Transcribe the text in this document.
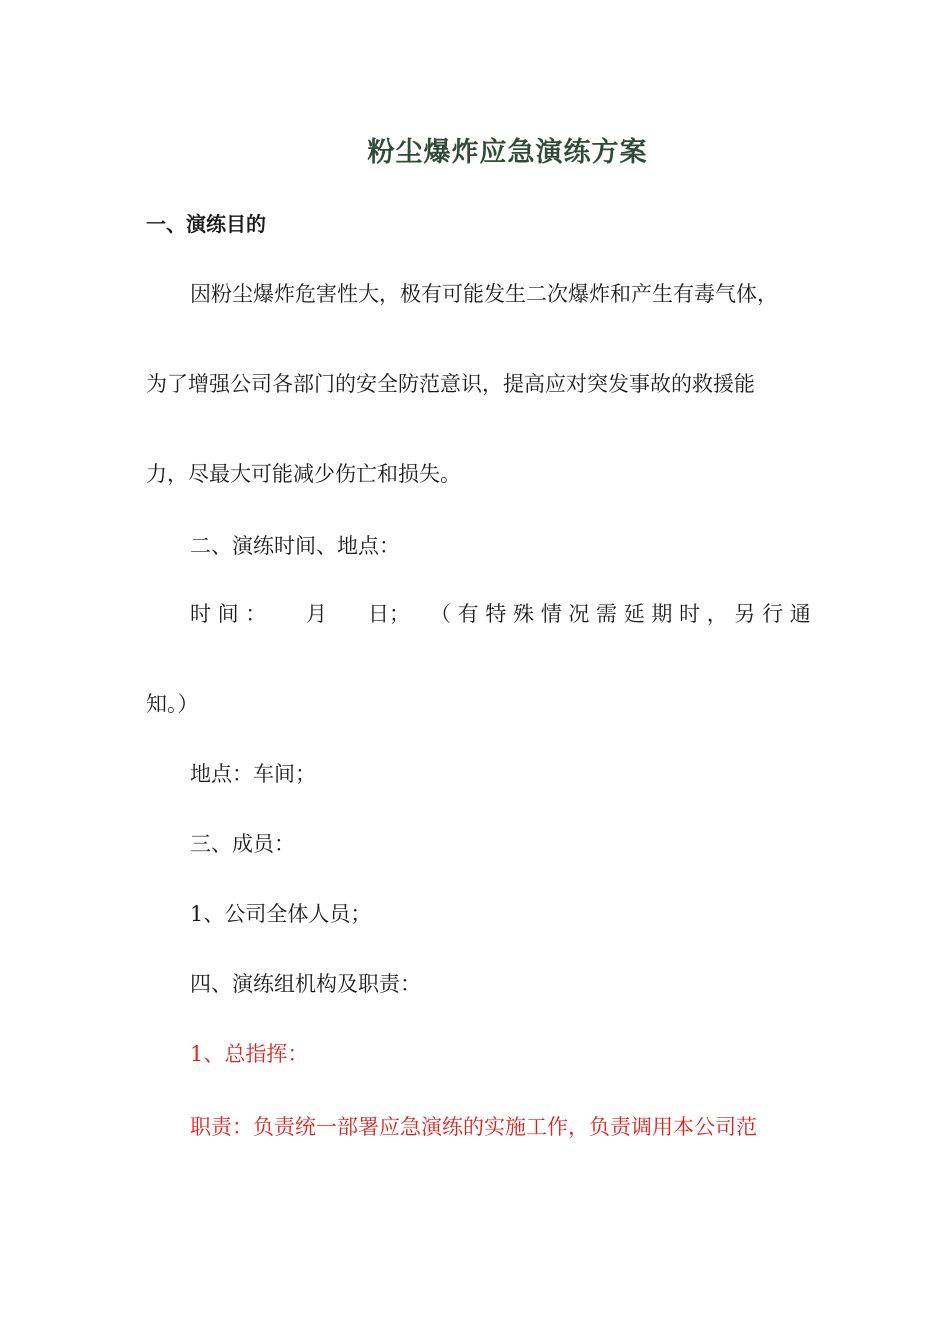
粉尘爆炸应急演练方案
一、演练目的
因粉尘爆炸危害性大，极有可能发生二次爆炸和产生有毒气体，
为了增强公司各部门的安全防范意识，提高应对突发事故的救援能
力，尽最大可能减少伤亡和损失。
二、演练时间、地点：
时 间 ： 月 日； （ 有 特 殊 情 况 需 延 期 时 ， 另 行 通
知。）
地点：车间；
三、成员：
1、公司全体人员；
四、演练组机构及职责：
1、总指挥：
职责：负责统一部署应急演练的实施工作，负责调用本公司范
